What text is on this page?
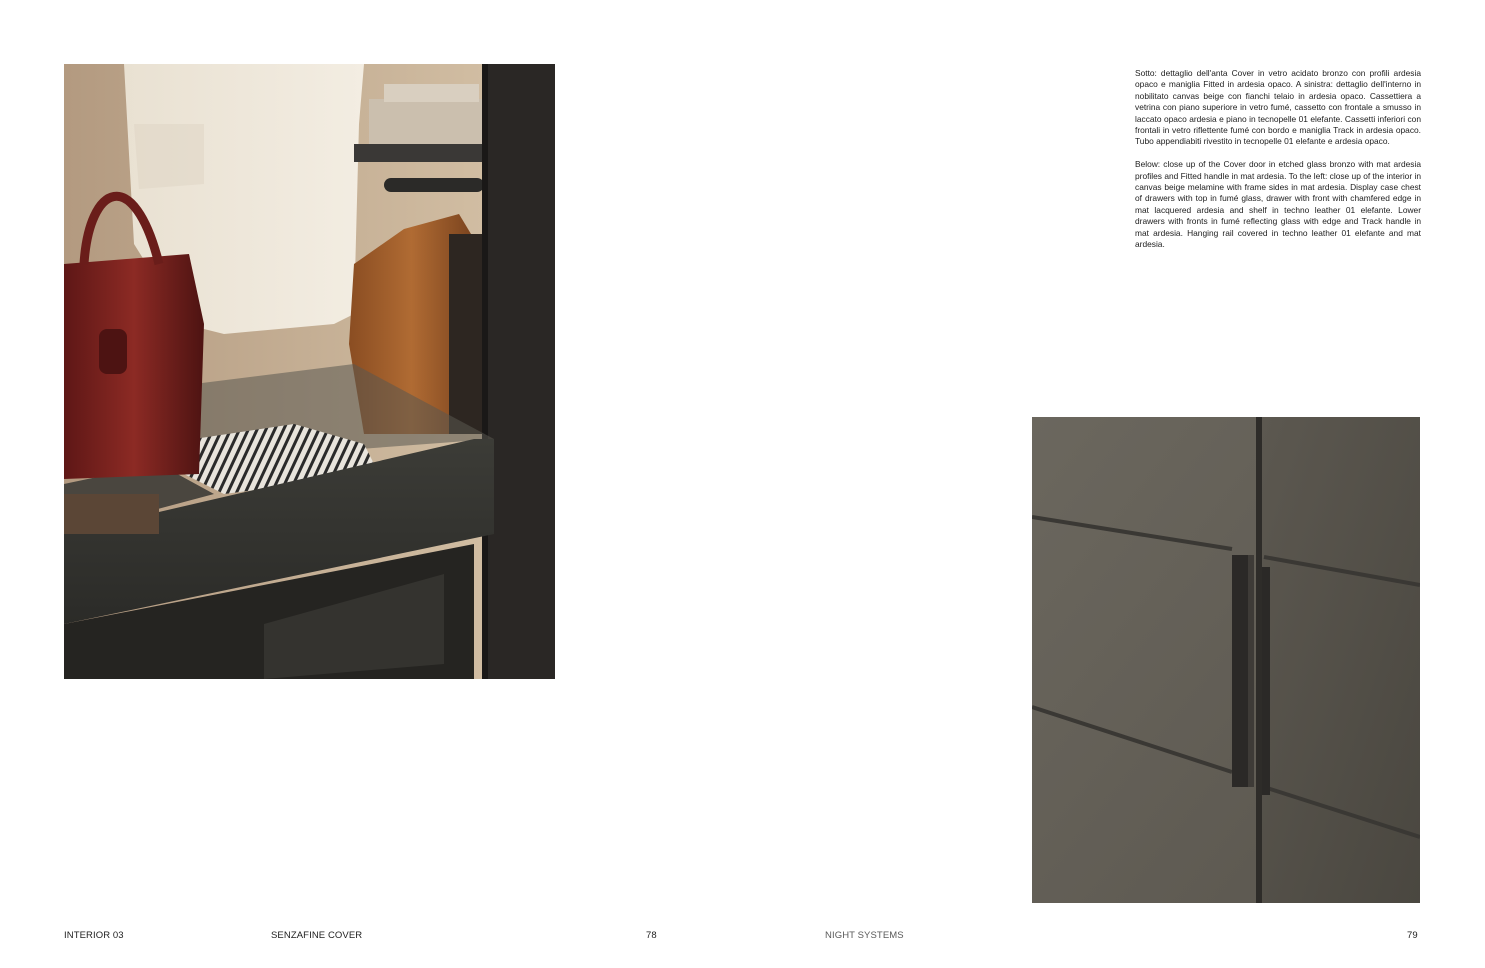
Sotto: dettaglio dell'anta Cover in vetro acidato bronzo con profili ardesia opaco e maniglia Fitted in ardesia opaco. A sinistra: dettaglio dell'interno in nobilitato canvas beige con fianchi telaio in ardesia opaco. Cassettiera a vetrina con piano superiore in vetro fumé, cassetto con frontale a smusso in laccato opaco ardesia e piano in tecnopelle 01 elefante. Cassetti inferiori con frontali in vetro riflettente fumé con bordo e maniglia Track in ardesia opaco. Tubo appendiabiti rivestito in tecnopelle 01 elefante e ardesia opaco.

Below: close up of the Cover door in etched glass bronzo with mat ardesia profiles and Fitted handle in mat ardesia. To the left: close up of the interior in canvas beige melamine with frame sides in mat ardesia. Display case chest of drawers with top in fumé glass, drawer with front with chamfered edge in mat lacquered ardesia and shelf in techno leather 01 elefante. Lower drawers with fronts in fumé reflecting glass with edge and Track handle in mat ardesia. Hanging rail covered in techno leather 01 elefante and mat ardesia.

INTERIOR 03	SENZAFINE COVER	78	NIGHT SYSTEMS	79
